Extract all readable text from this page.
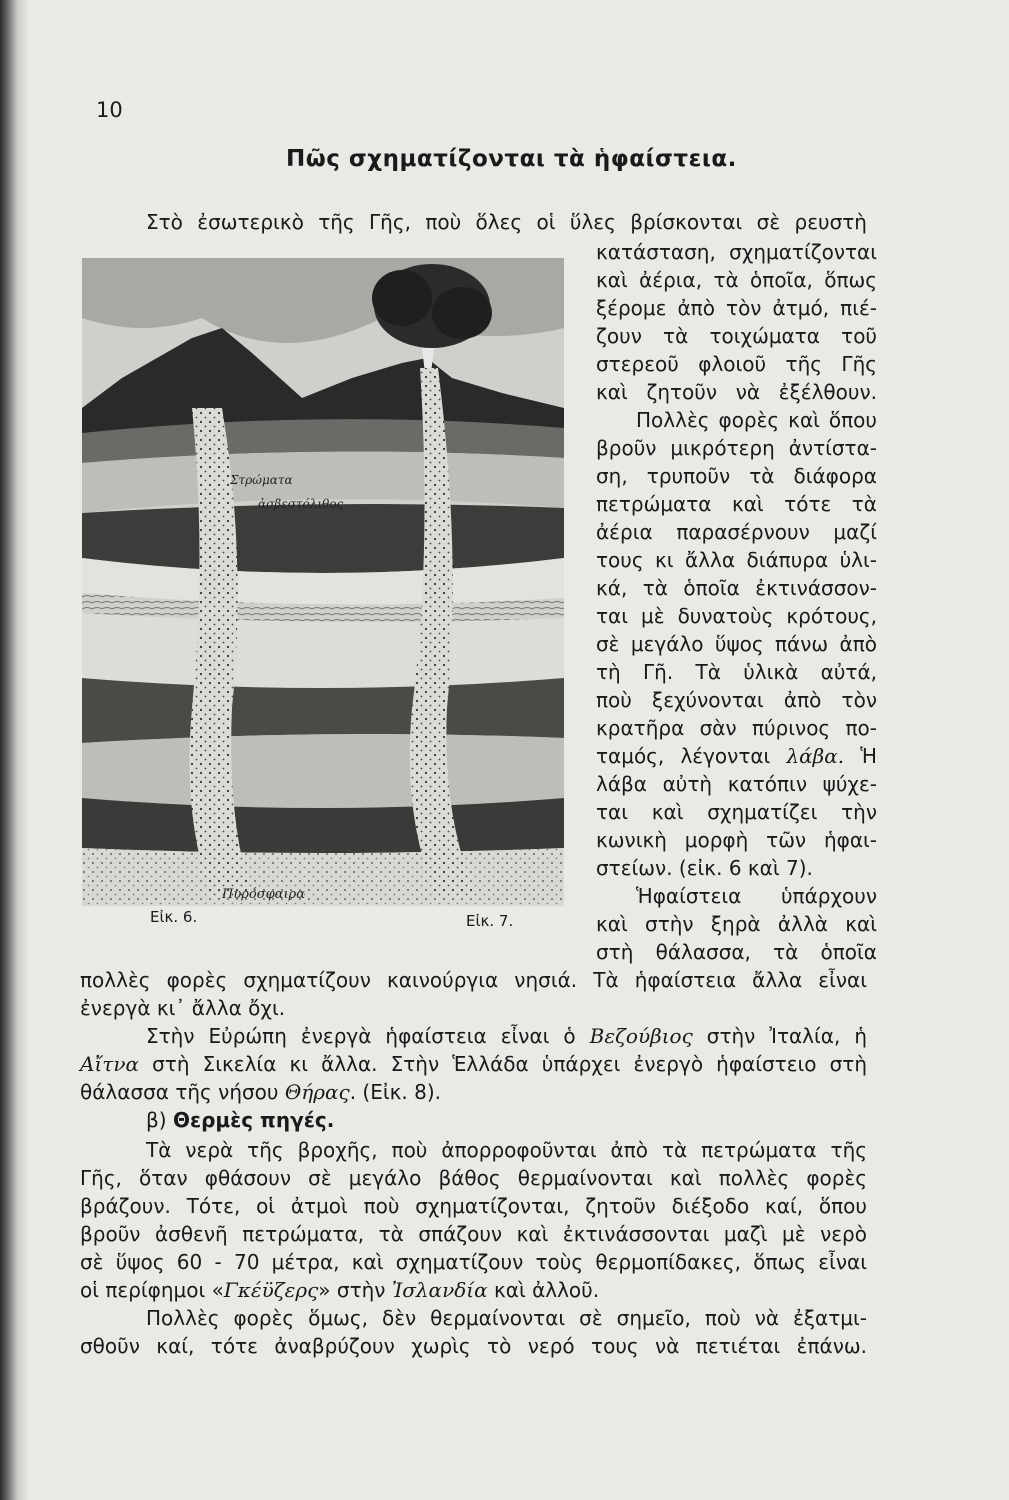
10
Πῶς σχηματίζονται τὰ ἡφαίστεια.
Στὸ ἐσωτερικὸ τῆς Γῆς, ποὺ ὅλες οἱ ὕλες βρίσκονται σὲ ρευστὴ
Στρώματα
ἀσβεστόλιθος
Πυρόσφαιρα
Εἰκ. 6.	Εἰκ. 7.
κατάσταση, σχηματίζονται
καὶ ἀέρια, τὰ ὁποῖα, ὅπως
ξέρομε ἀπὸ τὸν ἀτμό, πιέ-
ζουν τὰ τοιχώματα τοῦ
στερεοῦ φλοιοῦ τῆς Γῆς
καὶ ζητοῦν νὰ ἐξέλθουν.
Πολλὲς φορὲς καὶ ὅπου
βροῦν μικρότερη ἀντίστα-
ση, τρυποῦν τὰ διάφορα
πετρώματα καὶ τότε τὰ
ἀέρια παρασέρνουν μαζί
τους κι ἄλλα διάπυρα ὑλι-
κά, τὰ ὁποῖα ἐκτινάσσον-
ται μὲ δυνατοὺς κρότους,
σὲ μεγάλο ὕψος πάνω ἀπὸ
τὴ Γῆ. Τὰ ὑλικὰ αὐτά,
ποὺ ξεχύνονται ἀπὸ τὸν
κρατῆρα σὰν πύρινος πο-
ταμός, λέγονται λάβα. Ἡ
λάβα αὐτὴ κατόπιν ψύχε-
ται καὶ σχηματίζει τὴν
κωνικὴ μορφὴ τῶν ἡφαι-
στείων. (εἰκ. 6 καὶ 7).
Ἡφαίστεια ὑπάρχουν
καὶ στὴν ξηρὰ ἀλλὰ καὶ
στὴ θάλασσα, τὰ ὁποῖα
πολλὲς φορὲς σχηματίζουν καινούργια νησιά. Τὰ ἡφαίστεια ἄλλα εἶναι
ἐνεργὰ κι᾿ ἄλλα ὄχι.
Στὴν Εὐρώπη ἐνεργὰ ἡφαίστεια εἶναι ὁ Βεζούβιος στὴν Ἰταλία, ἡ
Αἴτνα στὴ Σικελία κι ἄλλα. Στὴν Ἑλλάδα ὑπάρχει ἐνεργὸ ἡφαίστειο στὴ
θάλασσα τῆς νήσου Θήρας. (Εἰκ. 8).
β) Θερμὲς πηγές.
Τὰ νερὰ τῆς βροχῆς, ποὺ ἀπορροφοῦνται ἀπὸ τὰ πετρώματα τῆς
Γῆς, ὅταν φθάσουν σὲ μεγάλο βάθος θερμαίνονται καὶ πολλὲς φορὲς
βράζουν. Τότε, οἱ ἀτμοὶ ποὺ σχηματίζονται, ζητοῦν διέξοδο καί, ὅπου
βροῦν ἀσθενῆ πετρώματα, τὰ σπάζουν καὶ ἐκτινάσσονται μαζὶ μὲ νερὸ
σὲ ὕψος 60 - 70 μέτρα, καὶ σχηματίζουν τοὺς θερμοπίδακες, ὅπως εἶναι
οἱ περίφημοι «Γκέϋζερς» στὴν Ἰσλανδία καὶ ἀλλοῦ.
Πολλὲς φορὲς ὅμως, δὲν θερμαίνονται σὲ σημεῖο, ποὺ νὰ ἐξατμι-
σθοῦν καί, τότε ἀναβρύζουν χωρὶς τὸ νερό τους νὰ πετιέται ἐπάνω.
